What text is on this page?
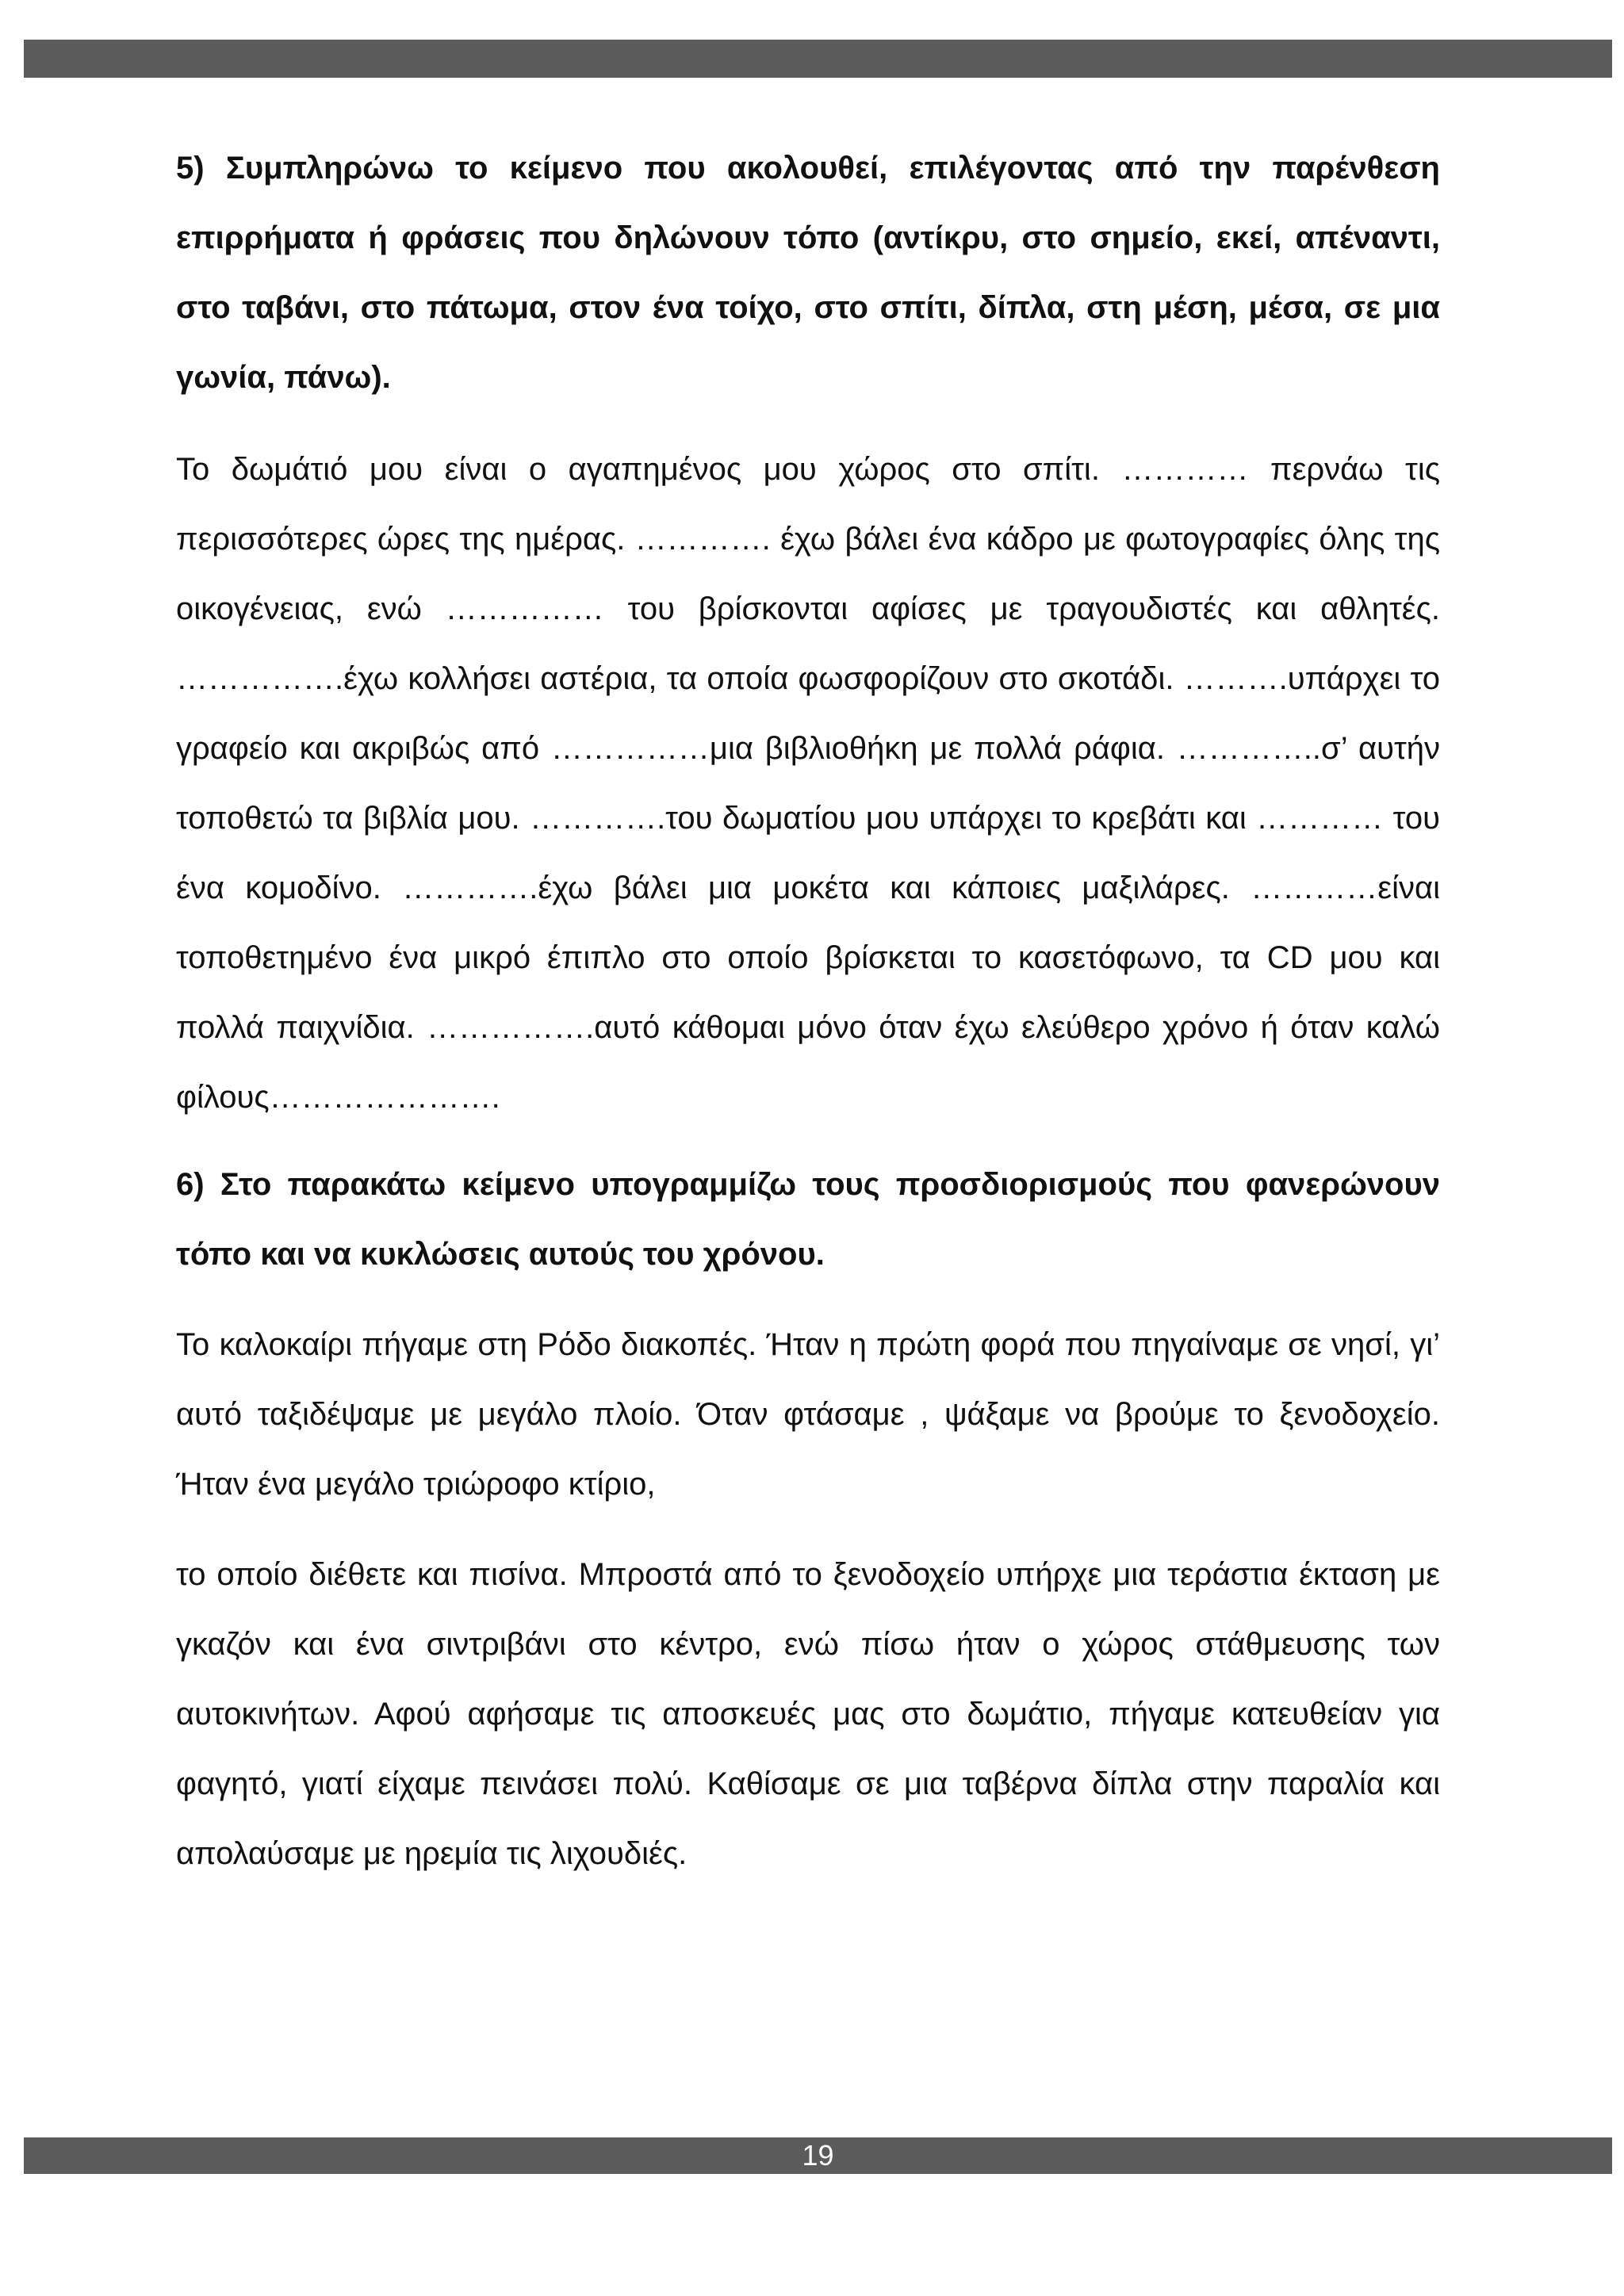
5) Συμπληρώνω το κείμενο που ακολουθεί, επιλέγοντας από την παρένθεση επιρρήματα ή φράσεις που δηλώνουν τόπο (αντίκρυ, στο σημείο, εκεί, απέναντι, στο ταβάνι, στο πάτωμα, στον ένα τοίχο, στο σπίτι, δίπλα, στη μέση, μέσα, σε μια γωνία, πάνω).

Το δωμάτιό μου είναι ο αγαπημένος μου χώρος στο σπίτι. ………… περνάω τις περισσότερες ώρες της ημέρας. …………. έχω βάλει ένα κάδρο με φωτογραφίες όλης της οικογένειας, ενώ …………… του βρίσκονται αφίσες με τραγουδιστές και αθλητές. …………….έχω κολλήσει αστέρια, τα οποία φωσφορίζουν στο σκοτάδι. ……….υπάρχει το γραφείο και ακριβώς από ……………μια βιβλιοθήκη με πολλά ράφια. …………..σ’ αυτήν τοποθετώ τα βιβλία μου. ………….του δωματίου μου υπάρχει το κρεβάτι και ………… του ένα κομοδίνο. ………….έχω βάλει μια μοκέτα και κάποιες μαξιλάρες. …………είναι τοποθετημένο ένα μικρό έπιπλο στο οποίο βρίσκεται το κασετόφωνο, τα CD μου και πολλά παιχνίδια. …………….αυτό κάθομαι μόνο όταν έχω ελεύθερο χρόνο ή όταν καλώ φίλους………………….

6) Στο παρακάτω κείμενο υπογραμμίζω τους προσδιορισμούς που φανερώνουν τόπο και να κυκλώσεις αυτούς του χρόνου.

Το καλοκαίρι πήγαμε στη Ρόδο διακοπές. Ήταν η πρώτη φορά που πηγαίναμε σε νησί, γι’ αυτό ταξιδέψαμε με μεγάλο πλοίο. Όταν φτάσαμε , ψάξαμε να βρούμε το ξενοδοχείο. Ήταν ένα μεγάλο τριώροφο κτίριο,

το οποίο διέθετε και πισίνα. Μπροστά από το ξενοδοχείο υπήρχε μια τεράστια έκταση με γκαζόν και ένα σιντριβάνι στο κέντρο, ενώ πίσω ήταν ο χώρος στάθμευσης των αυτοκινήτων. Αφού αφήσαμε τις αποσκευές μας στο δωμάτιο, πήγαμε κατευθείαν για φαγητό, γιατί είχαμε πεινάσει πολύ. Καθίσαμε σε μια ταβέρνα δίπλα στην παραλία και απολαύσαμε με ηρεμία τις λιχουδιές.

19
